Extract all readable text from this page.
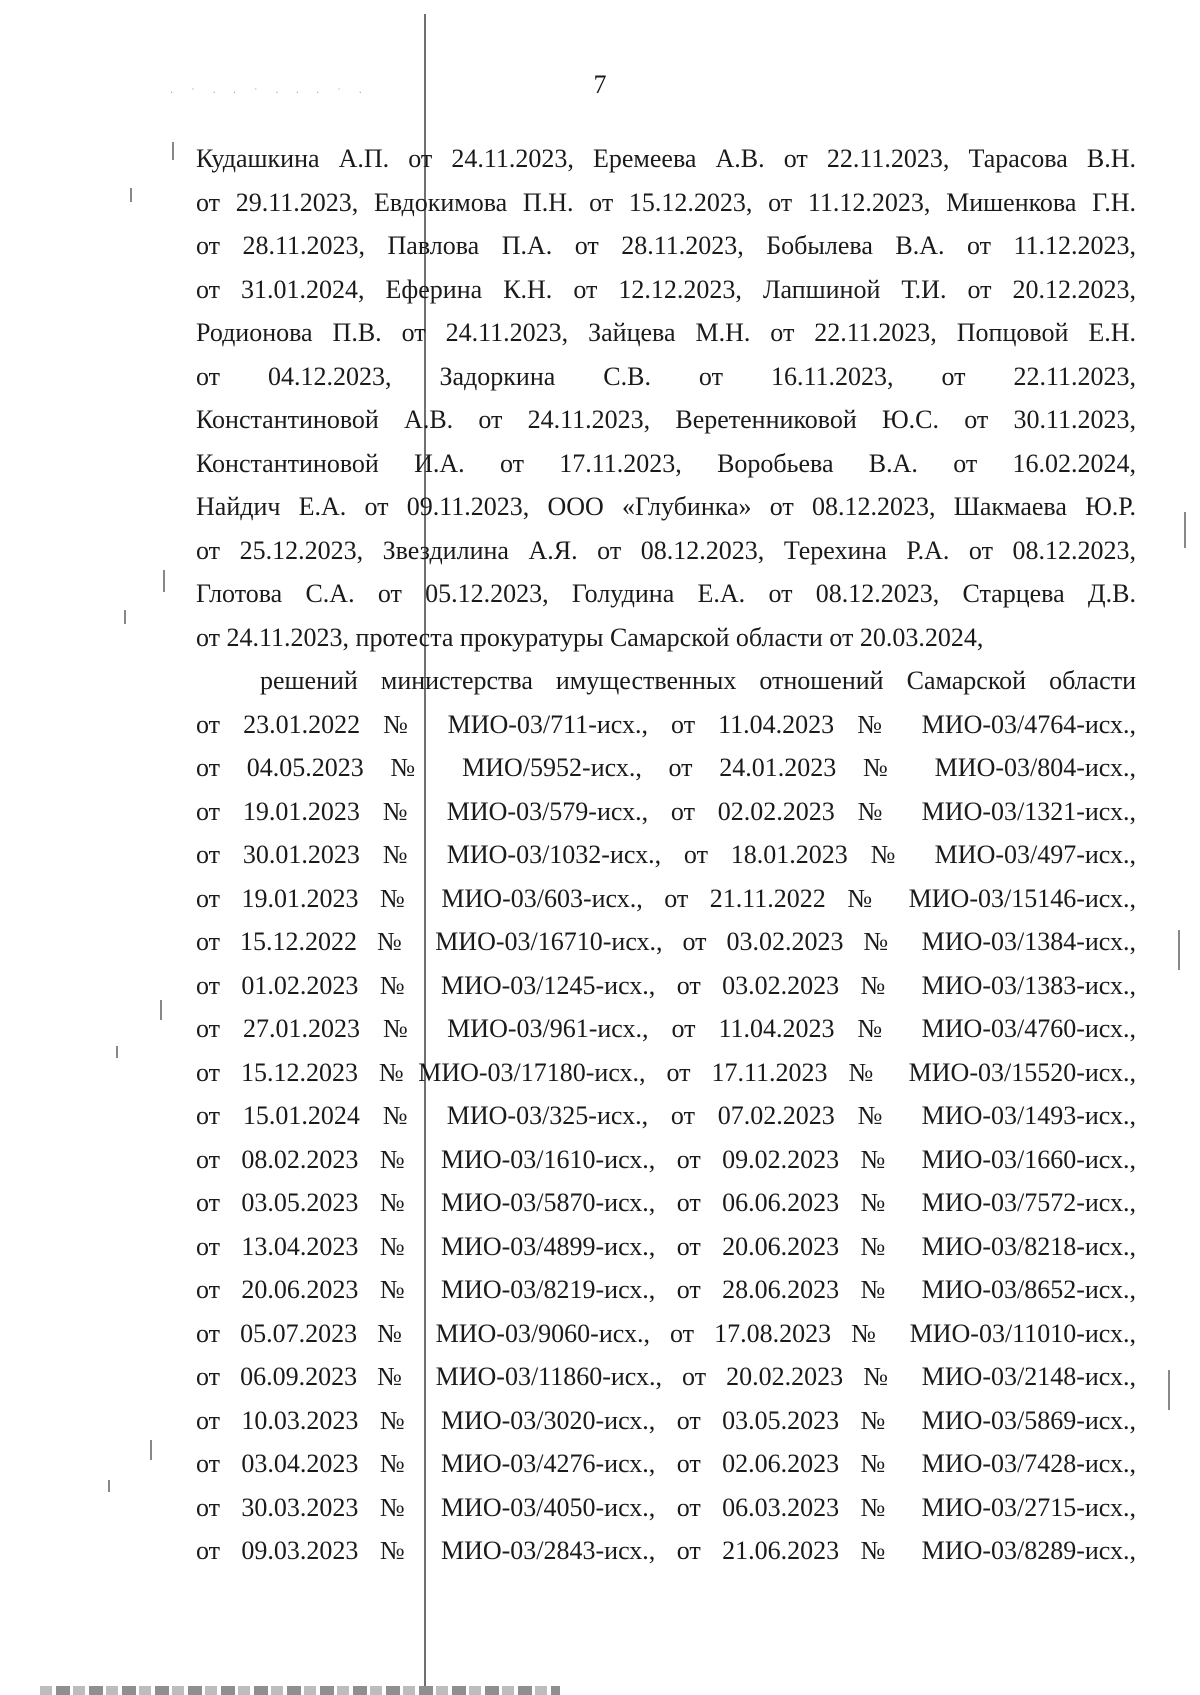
· ˙ · · ˙ · · · ˙ ·	7
Кудашкина А.П. от 24.11.2023, Еремеева А.В. от 22.11.2023, Тарасова В.Н.
от 29.11.2023, Евдокимова П.Н. от 15.12.2023, от 11.12.2023, Мишенкова Г.Н.
от 28.11.2023, Павлова П.А. от 28.11.2023, Бобылева В.А. от 11.12.2023,
от 31.01.2024, Еферина К.Н. от 12.12.2023, Лапшиной Т.И. от 20.12.2023,
Родионова П.В. от 24.11.2023, Зайцева М.Н. от 22.11.2023, Попцовой Е.Н.
от 04.12.2023, Задоркина С.В. от 16.11.2023, от 22.11.2023,
Константиновой А.В. от 24.11.2023, Веретенниковой Ю.С. от 30.11.2023,
Константиновой И.А. от 17.11.2023, Воробьева В.А. от 16.02.2024,
Найдич Е.А. от 09.11.2023, ООО «Глубинка» от 08.12.2023, Шакмаева Ю.Р.
от 25.12.2023, Звездилина А.Я. от 08.12.2023, Терехина Р.А. от 08.12.2023,
Глотова С.А. от 05.12.2023, Голудина Е.А. от 08.12.2023, Старцева Д.В.
от 24.11.2023, протеста прокуратуры Самарской области от 20.03.2024,
решений министерства имущественных отношений Самарской области
от 23.01.2022 № МИО-03/711-исх., от 11.04.2023 № МИО-03/4764-исх.,
от 04.05.2023 № МИО/5952-исх., от 24.01.2023 № МИО-03/804-исх.,
от 19.01.2023 № МИО-03/579-исх., от 02.02.2023 № МИО-03/1321-исх.,
от 30.01.2023 № МИО-03/1032-исх., от 18.01.2023 № МИО-03/497-исх.,
от 19.01.2023 № МИО-03/603-исх., от 21.11.2022 № МИО-03/15146-исх.,
от 15.12.2022 № МИО-03/16710-исх., от 03.02.2023 № МИО-03/1384-исх.,
от 01.02.2023 № МИО-03/1245-исх., от 03.02.2023 № МИО-03/1383-исх.,
от 27.01.2023 № МИО-03/961-исх., от 11.04.2023 № МИО-03/4760-исх.,
от 15.12.2023 №МИО-03/17180-исх., от 17.11.2023 № МИО-03/15520-исх.,
от 15.01.2024 № МИО-03/325-исх., от 07.02.2023 № МИО-03/1493-исх.,
от 08.02.2023 № МИО-03/1610-исх., от 09.02.2023 № МИО-03/1660-исх.,
от 03.05.2023 № МИО-03/5870-исх., от 06.06.2023 № МИО-03/7572-исх.,
от 13.04.2023 № МИО-03/4899-исх., от 20.06.2023 № МИО-03/8218-исх.,
от 20.06.2023 № МИО-03/8219-исх., от 28.06.2023 № МИО-03/8652-исх.,
от 05.07.2023 № МИО-03/9060-исх., от 17.08.2023 № МИО-03/11010-исх.,
от 06.09.2023 № МИО-03/11860-исх., от 20.02.2023 № МИО-03/2148-исх.,
от 10.03.2023 № МИО-03/3020-исх., от 03.05.2023 № МИО-03/5869-исх.,
от 03.04.2023 № МИО-03/4276-исх., от 02.06.2023 № МИО-03/7428-исх.,
от 30.03.2023 № МИО-03/4050-исх., от 06.03.2023 № МИО-03/2715-исх.,
от 09.03.2023 № МИО-03/2843-исх., от 21.06.2023 № МИО-03/8289-исх.,
